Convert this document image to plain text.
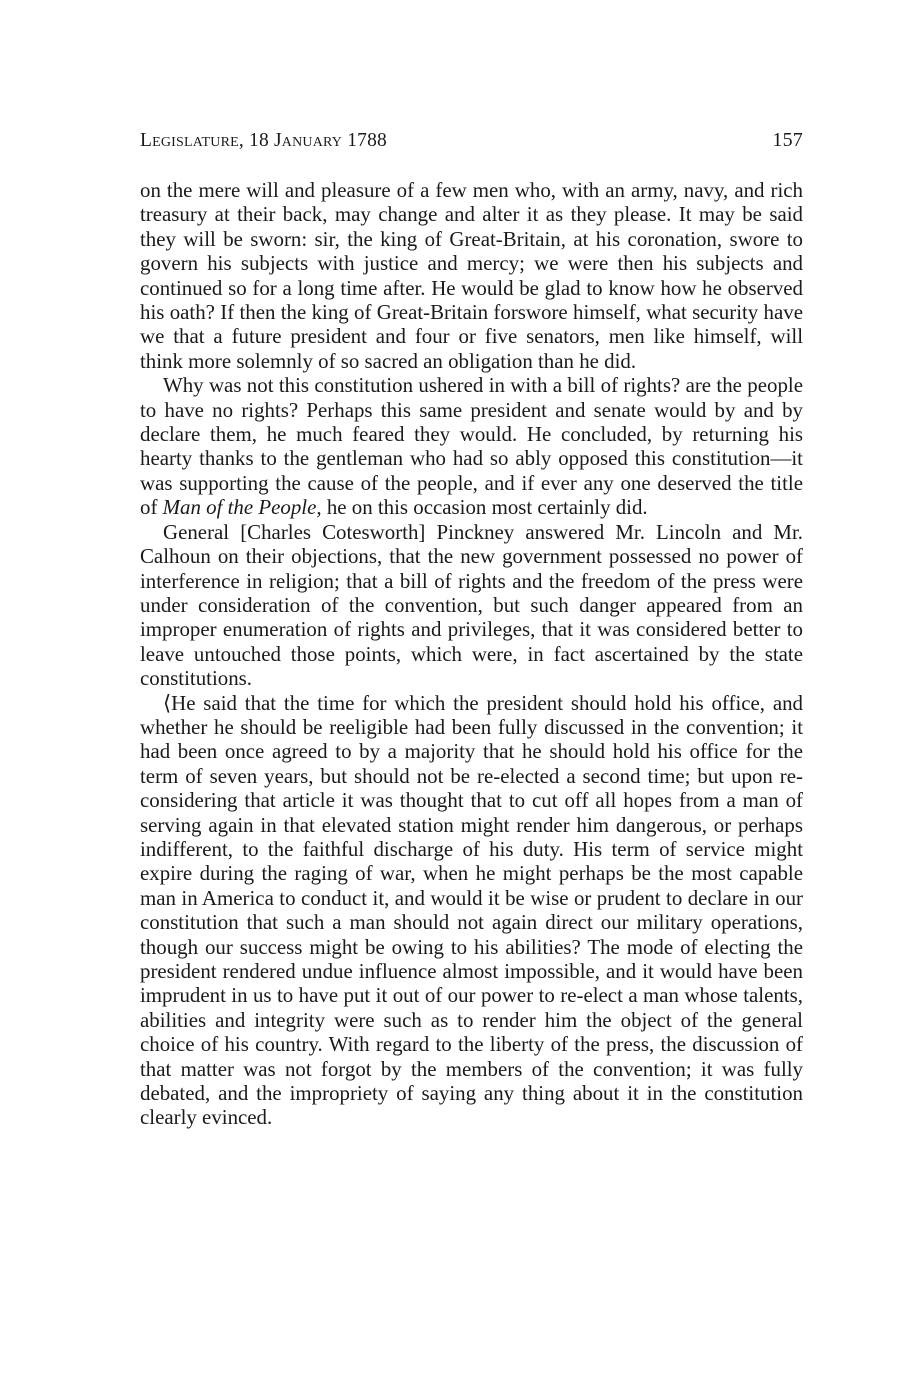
Legislature, 18 January 1788	157

on the mere will and pleasure of a few men who, with an army, navy, and rich treasury at their back, may change and alter it as they please. It may be said they will be sworn: sir, the king of Great-Britain, at his coronation, swore to govern his subjects with justice and mercy; we were then his subjects and continued so for a long time after. He would be glad to know how he observed his oath? If then the king of Great-Britain forswore himself, what security have we that a future president and four or five senators, men like himself, will think more solemnly of so sacred an obligation than he did.

Why was not this constitution ushered in with a bill of rights? are the people to have no rights? Perhaps this same president and senate would by and by declare them, he much feared they would. He concluded, by returning his hearty thanks to the gentleman who had so ably opposed this constitution—it was supporting the cause of the people, and if ever any one deserved the title of Man of the People, he on this occasion most certainly did.

General [Charles Cotesworth] Pinckney answered Mr. Lincoln and Mr. Calhoun on their objections, that the new government possessed no power of interference in religion; that a bill of rights and the freedom of the press were under consideration of the convention, but such danger appeared from an improper enumeration of rights and privileges, that it was considered better to leave untouched those points, which were, in fact ascertained by the state constitutions.

⟨He said that the time for which the president should hold his office, and whether he should be reeligible had been fully discussed in the convention; it had been once agreed to by a majority that he should hold his office for the term of seven years, but should not be re-elected a second time; but upon re-considering that article it was thought that to cut off all hopes from a man of serving again in that elevated station might render him dangerous, or perhaps indifferent, to the faithful discharge of his duty. His term of service might expire during the raging of war, when he might perhaps be the most capable man in America to conduct it, and would it be wise or prudent to declare in our constitution that such a man should not again direct our military operations, though our success might be owing to his abilities? The mode of electing the president rendered undue influence almost impossible, and it would have been imprudent in us to have put it out of our power to re-elect a man whose talents, abilities and integrity were such as to render him the object of the general choice of his country. With regard to the liberty of the press, the discussion of that matter was not forgot by the members of the convention; it was fully debated, and the impropriety of saying any thing about it in the constitution clearly evinced.
